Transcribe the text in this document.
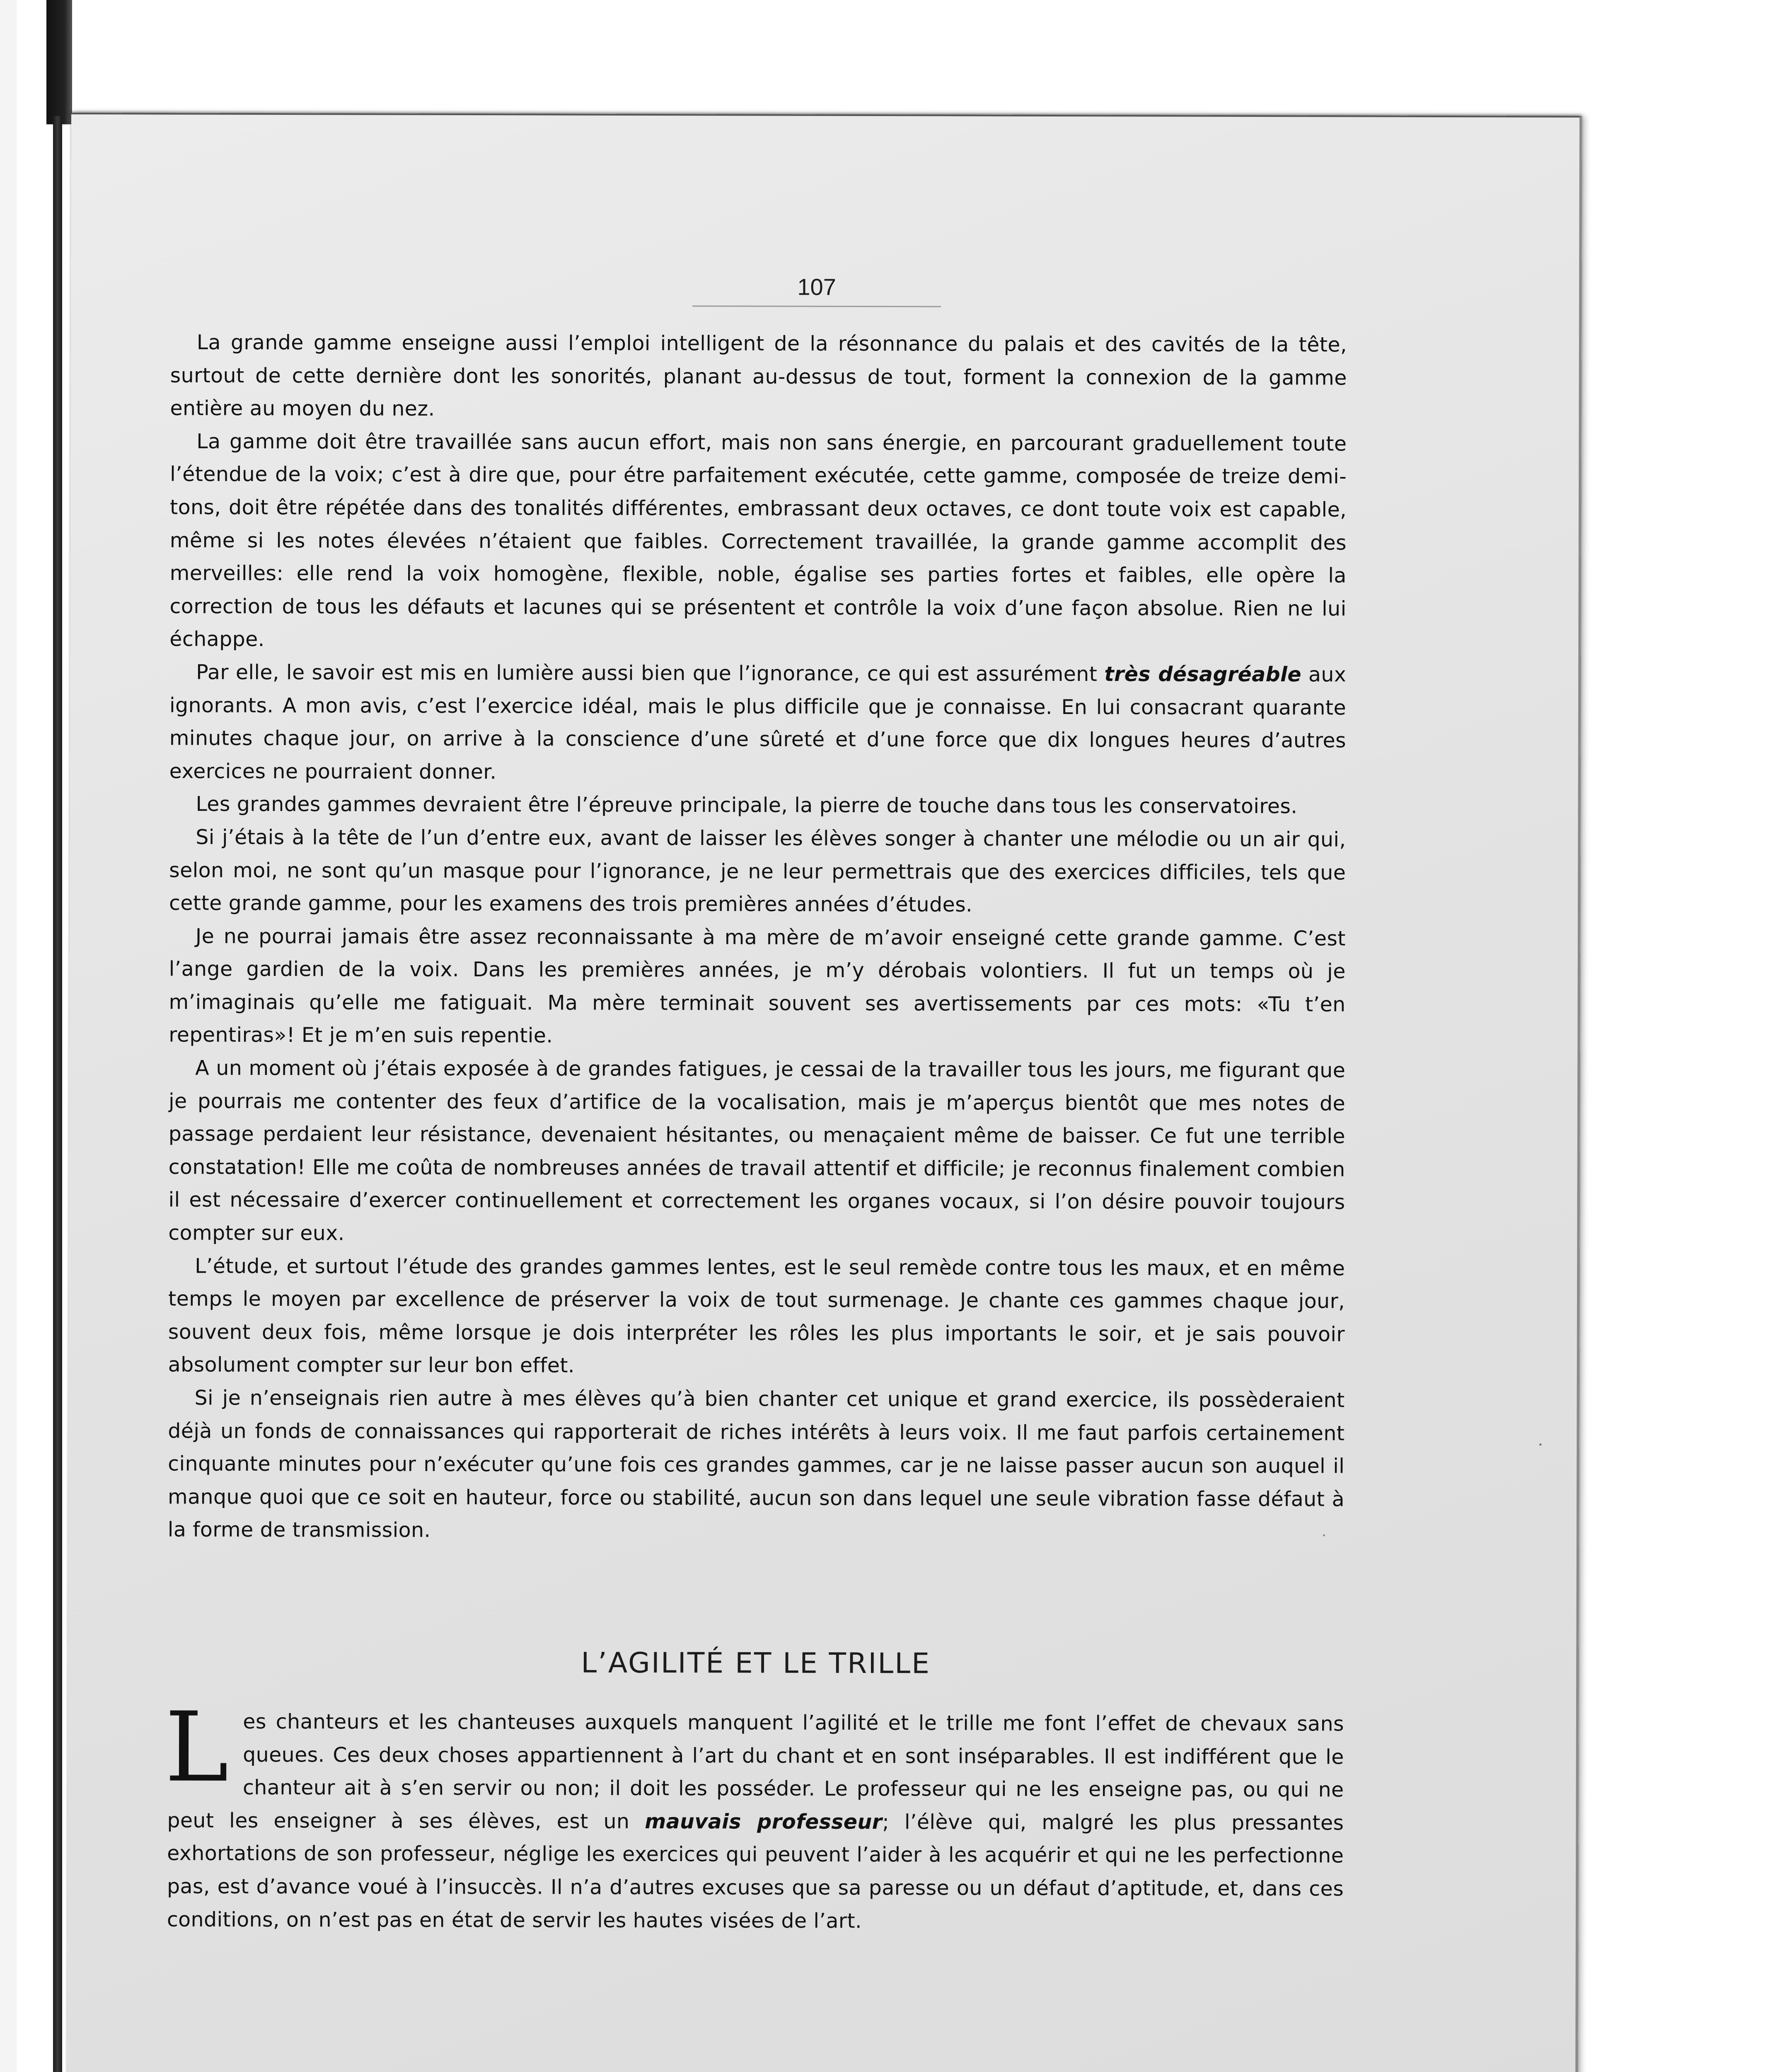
107

La grande gamme enseigne aussi l’emploi intelligent de la résonnance du palais et des cavités de la tête, surtout de cette dernière dont les sonorités, planant au-dessus de tout, forment la connexion de la gamme entière au moyen du nez.

La gamme doit être travaillée sans aucun effort, mais non sans énergie, en parcourant graduellement toute l’étendue de la voix; c’est à dire que, pour étre parfaitement exécutée, cette gamme, composée de treize demi-tons, doit être répétée dans des tonalités différentes, embrassant deux octaves, ce dont toute voix est capable, même si les notes élevées n’étaient que faibles. Correctement travaillée, la grande gamme accomplit des merveilles: elle rend la voix homogène, flexible, noble, égalise ses parties fortes et faibles, elle opère la correction de tous les défauts et lacunes qui se présentent et contrôle la voix d’une façon absolue. Rien ne lui échappe.

Par elle, le savoir est mis en lumière aussi bien que l’ignorance, ce qui est assurément très désagréable aux ignorants. A mon avis, c’est l’exercice idéal, mais le plus difficile que je connaisse. En lui consacrant quarante minutes chaque jour, on arrive à la conscience d’une sûreté et d’une force que dix longues heures d’autres exercices ne pourraient donner.

Les grandes gammes devraient être l’épreuve principale, la pierre de touche dans tous les conservatoires.

Si j’étais à la tête de l’un d’entre eux, avant de laisser les élèves songer à chanter une mélodie ou un air qui, selon moi, ne sont qu’un masque pour l’ignorance, je ne leur permettrais que des exercices difficiles, tels que cette grande gamme, pour les examens des trois premières années d’études.

Je ne pourrai jamais être assez reconnaissante à ma mère de m’avoir enseigné cette grande gamme. C’est l’ange gardien de la voix. Dans les premières années, je m’y dérobais volontiers. Il fut un temps où je m’imaginais qu’elle me fatiguait. Ma mère terminait souvent ses avertissements par ces mots: «Tu t’en repentiras»! Et je m’en suis repentie.

A un moment où j’étais exposée à de grandes fatigues, je cessai de la travailler tous les jours, me figurant que je pourrais me contenter des feux d’artifice de la vocalisation, mais je m’aperçus bientôt que mes notes de passage perdaient leur résistance, devenaient hésitantes, ou menaçaient même de baisser. Ce fut une terrible constatation! Elle me coûta de nombreuses années de travail attentif et difficile; je reconnus finalement combien il est nécessaire d’exercer continuellement et correctement les organes vocaux, si l’on désire pouvoir toujours compter sur eux.

L’étude, et surtout l’étude des grandes gammes lentes, est le seul remède contre tous les maux, et en même temps le moyen par excellence de préserver la voix de tout surmenage. Je chante ces gammes chaque jour, souvent deux fois, même lorsque je dois interpréter les rôles les plus importants le soir, et je sais pouvoir absolument compter sur leur bon effet.

Si je n’enseignais rien autre à mes élèves qu’à bien chanter cet unique et grand exercice, ils possèderaient déjà un fonds de connaissances qui rapporterait de riches intérêts à leurs voix. Il me faut parfois certainement cinquante minutes pour n’exécuter qu’une fois ces grandes gammes, car je ne laisse passer aucun son auquel il manque quoi que ce soit en hauteur, force ou stabilité, aucun son dans lequel une seule vibration fasse défaut à la forme de transmission.

L’AGILITÉ ET LE TRILLE
Les chanteurs et les chanteuses auxquels manquent l’agilité et le trille me font l’effet de chevaux sans queues. Ces deux choses appartiennent à l’art du chant et en sont inséparables. Il est indifférent que le chanteur ait à s’en servir ou non; il doit les posséder. Le professeur qui ne les enseigne pas, ou qui ne peut les enseigner à ses élèves, est un mauvais professeur; l’élève qui, malgré les plus pressantes exhortations de son professeur, néglige les exercices qui peuvent l’aider à les acquérir et qui ne les perfectionne pas, est d’avance voué à l’insuccès. Il n’a d’autres excuses que sa paresse ou un défaut d’aptitude, et, dans ces conditions, on n’est pas en état de servir les hautes visées de l’art.
